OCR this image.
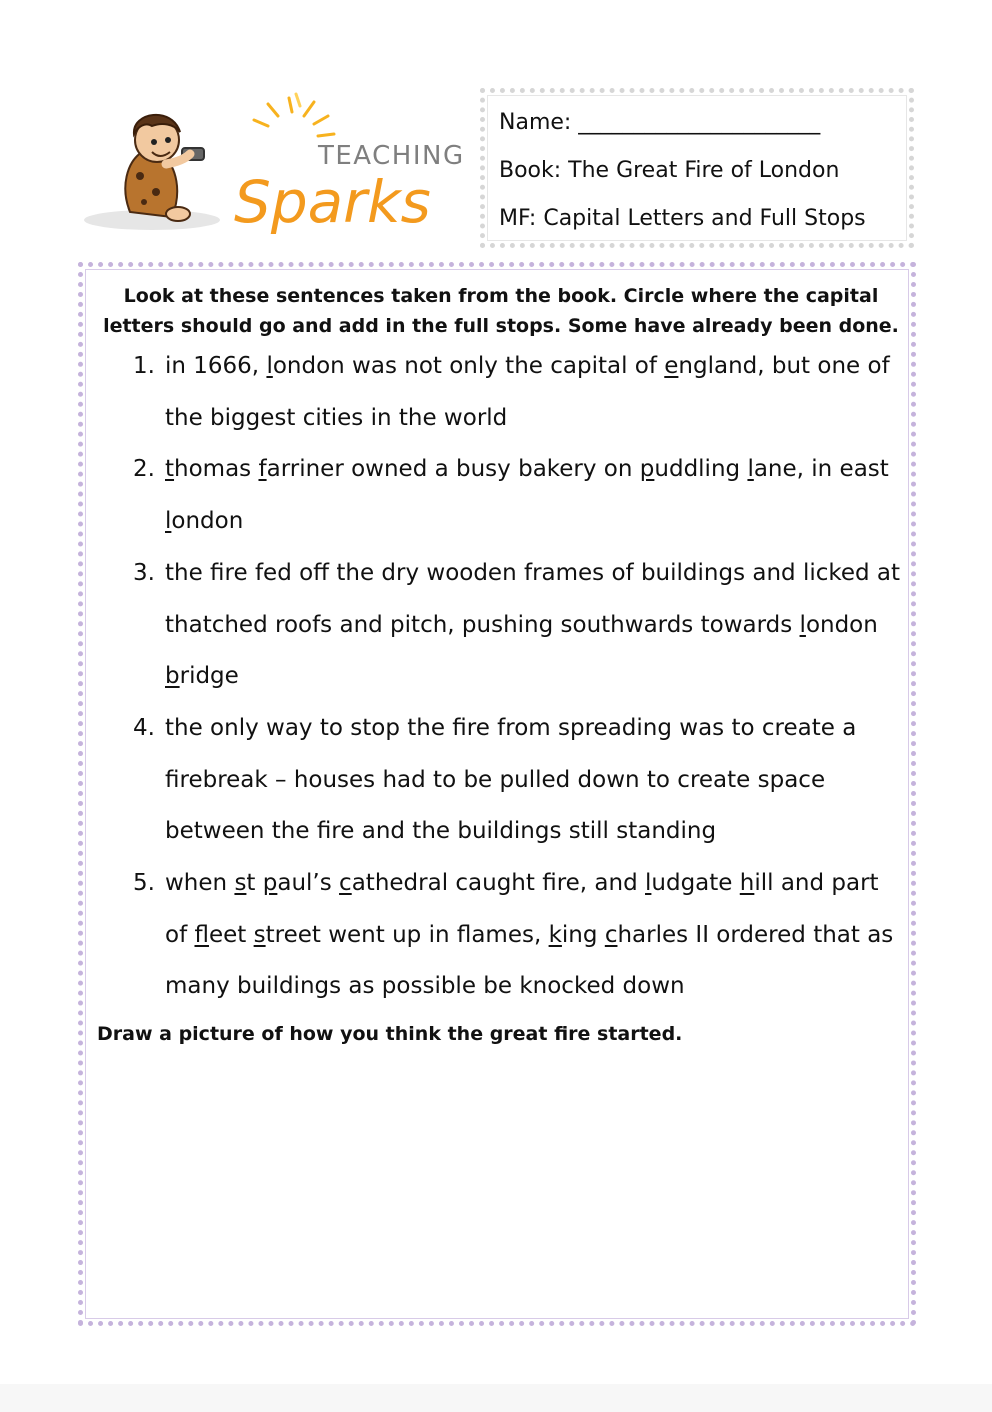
TEACHING
Sparks
Name: ______________________
Book: The Great Fire of London
MF: Capital Letters and Full Stops
Look at these sentences taken from the book. Circle where the capital letters should go and add in the full stops. Some have already been done.
1. in 1666, london was not only the capital of england, but one of the biggest cities in the world
2. thomas farriner owned a busy bakery on puddling lane, in east london
3. the fire fed off the dry wooden frames of buildings and licked at thatched roofs and pitch, pushing southwards towards london bridge
4. the only way to stop the fire from spreading was to create a firebreak – houses had to be pulled down to create space between the fire and the buildings still standing
5. when st paul’s cathedral caught fire, and ludgate hill and part of fleet street went up in flames, king charles II ordered that as many buildings as possible be knocked down
Draw a picture of how you think the great fire started.
